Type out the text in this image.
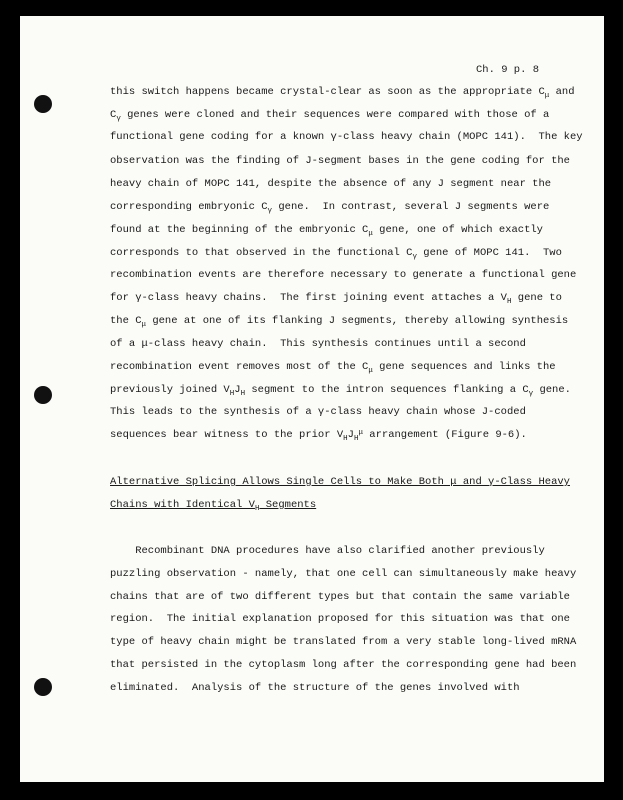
Ch. 9 p. 8
this switch happens became crystal-clear as soon as the appropriate $C_\mu$ and
$C_\gamma$ genes were cloned and their sequences were compared with those of a
functional gene coding for a known γ-class heavy chain (MOPC 141).  The key
observation was the finding of J-segment bases in the gene coding for the
heavy chain of MOPC 141, despite the absence of any J segment near the
corresponding embryonic $C_\gamma$ gene.  In contrast, several J segments were
found at the beginning of the embryonic $C_\mu$ gene, one of which exactly
corresponds to that observed in the functional $C_\gamma$ gene of MOPC 141.  Two
recombination events are therefore necessary to generate a functional gene
for γ-class heavy chains.  The first joining event attaches a $V_H$ gene to
the $C_\mu$ gene at one of its flanking J segments, thereby allowing synthesis
of a μ-class heavy chain.  This synthesis continues until a second
recombination event removes most of the $C_\mu$ gene sequences and links the
previously joined $V_HJ_H$ segment to the intron sequences flanking a $C_\gamma$ gene.
This leads to the synthesis of a γ-class heavy chain whose J-coded
sequences bear witness to the prior $V_HJ_H^\mu$ arrangement (Figure 9-6).
Alternative Splicing Allows Single Cells to Make Both μ and γ-Class Heavy
Chains with Identical $V_H$ Segments
Recombinant DNA procedures have also clarified another previously
puzzling observation - namely, that one cell can simultaneously make heavy
chains that are of two different types but that contain the same variable
region.  The initial explanation proposed for this situation was that one
type of heavy chain might be translated from a very stable long-lived mRNA
that persisted in the cytoplasm long after the corresponding gene had been
eliminated.  Analysis of the structure of the genes involved with
